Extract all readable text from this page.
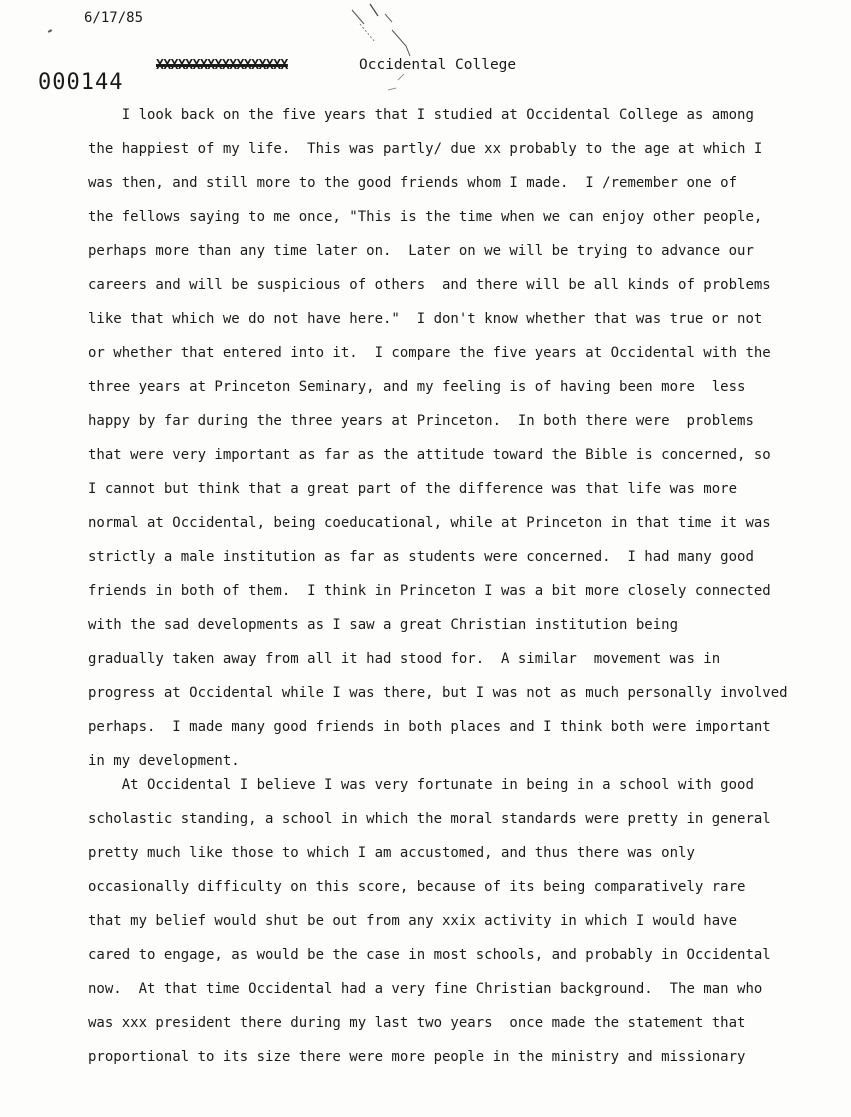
6/17/85
000144
XXXXXXXXXXXXXXXXXX	Occidental College
I look back on the five years that I studied at Occidental College as among
the happiest of my life.  This was partly/ due xx probably to the age at which I
was then, and still more to the good friends whom I made.  I /remember one of
the fellows saying to me once, "This is the time when we can enjoy other people,
perhaps more than any time later on.  Later on we will be trying to advance our
careers and will be suspicious of others  and there will be all kinds of problems
like that which we do not have here."  I don't know whether that was true or not
or whether that entered into it.  I compare the five years at Occidental with the
three years at Princeton Seminary, and my feeling is of having been more  less
happy by far during the three years at Princeton.  In both there were  problems
that were very important as far as the attitude toward the Bible is concerned, so
I cannot but think that a great part of the difference was that life was more
normal at Occidental, being coeducational, while at Princeton in that time it was
strictly a male institution as far as students were concerned.  I had many good
friends in both of them.  I think in Princeton I was a bit more closely connected
with the sad developments as I saw a great Christian institution being
gradually taken away from all it had stood for.  A similar  movement was in
progress at Occidental while I was there, but I was not as much personally involved
perhaps.  I made many good friends in both places and I think both were important
in my development.
At Occidental I believe I was very fortunate in being in a school with good
scholastic standing, a school in which the moral standards were pretty in general
pretty much like those to which I am accustomed, and thus there was only
occasionally difficulty on this score, because of its being comparatively rare
that my belief would shut be out from any xxix activity in which I would have
cared to engage, as would be the case in most schools, and probably in Occidental
now.  At that time Occidental had a very fine Christian background.  The man who
was xxx president there during my last two years  once made the statement that
proportional to its size there were more people in the ministry and missionary
